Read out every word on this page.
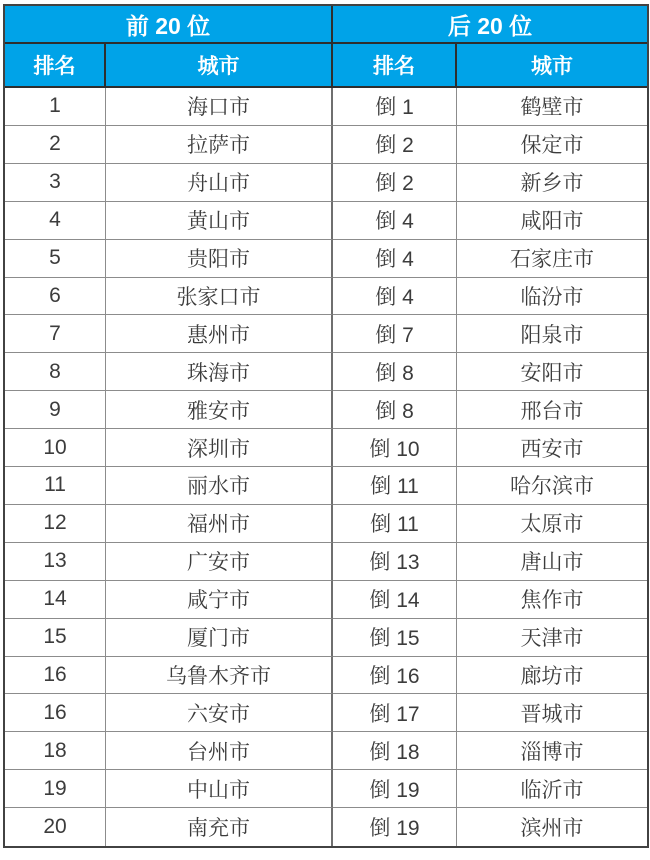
前 20 位	后 20 位
排名	城市	排名	城市
1	海口市	倒 1	鹤壁市
2	拉萨市	倒 2	保定市
3	舟山市	倒 2	新乡市
4	黄山市	倒 4	咸阳市
5	贵阳市	倒 4	石家庄市
6	张家口市	倒 4	临汾市
7	惠州市	倒 7	阳泉市
8	珠海市	倒 8	安阳市
9	雅安市	倒 8	邢台市
10	深圳市	倒 10	西安市
11	丽水市	倒 11	哈尔滨市
12	福州市	倒 11	太原市
13	广安市	倒 13	唐山市
14	咸宁市	倒 14	焦作市
15	厦门市	倒 15	天津市
16	乌鲁木齐市	倒 16	廊坊市
16	六安市	倒 17	晋城市
18	台州市	倒 18	淄博市
19	中山市	倒 19	临沂市
20	南充市	倒 19	滨州市
